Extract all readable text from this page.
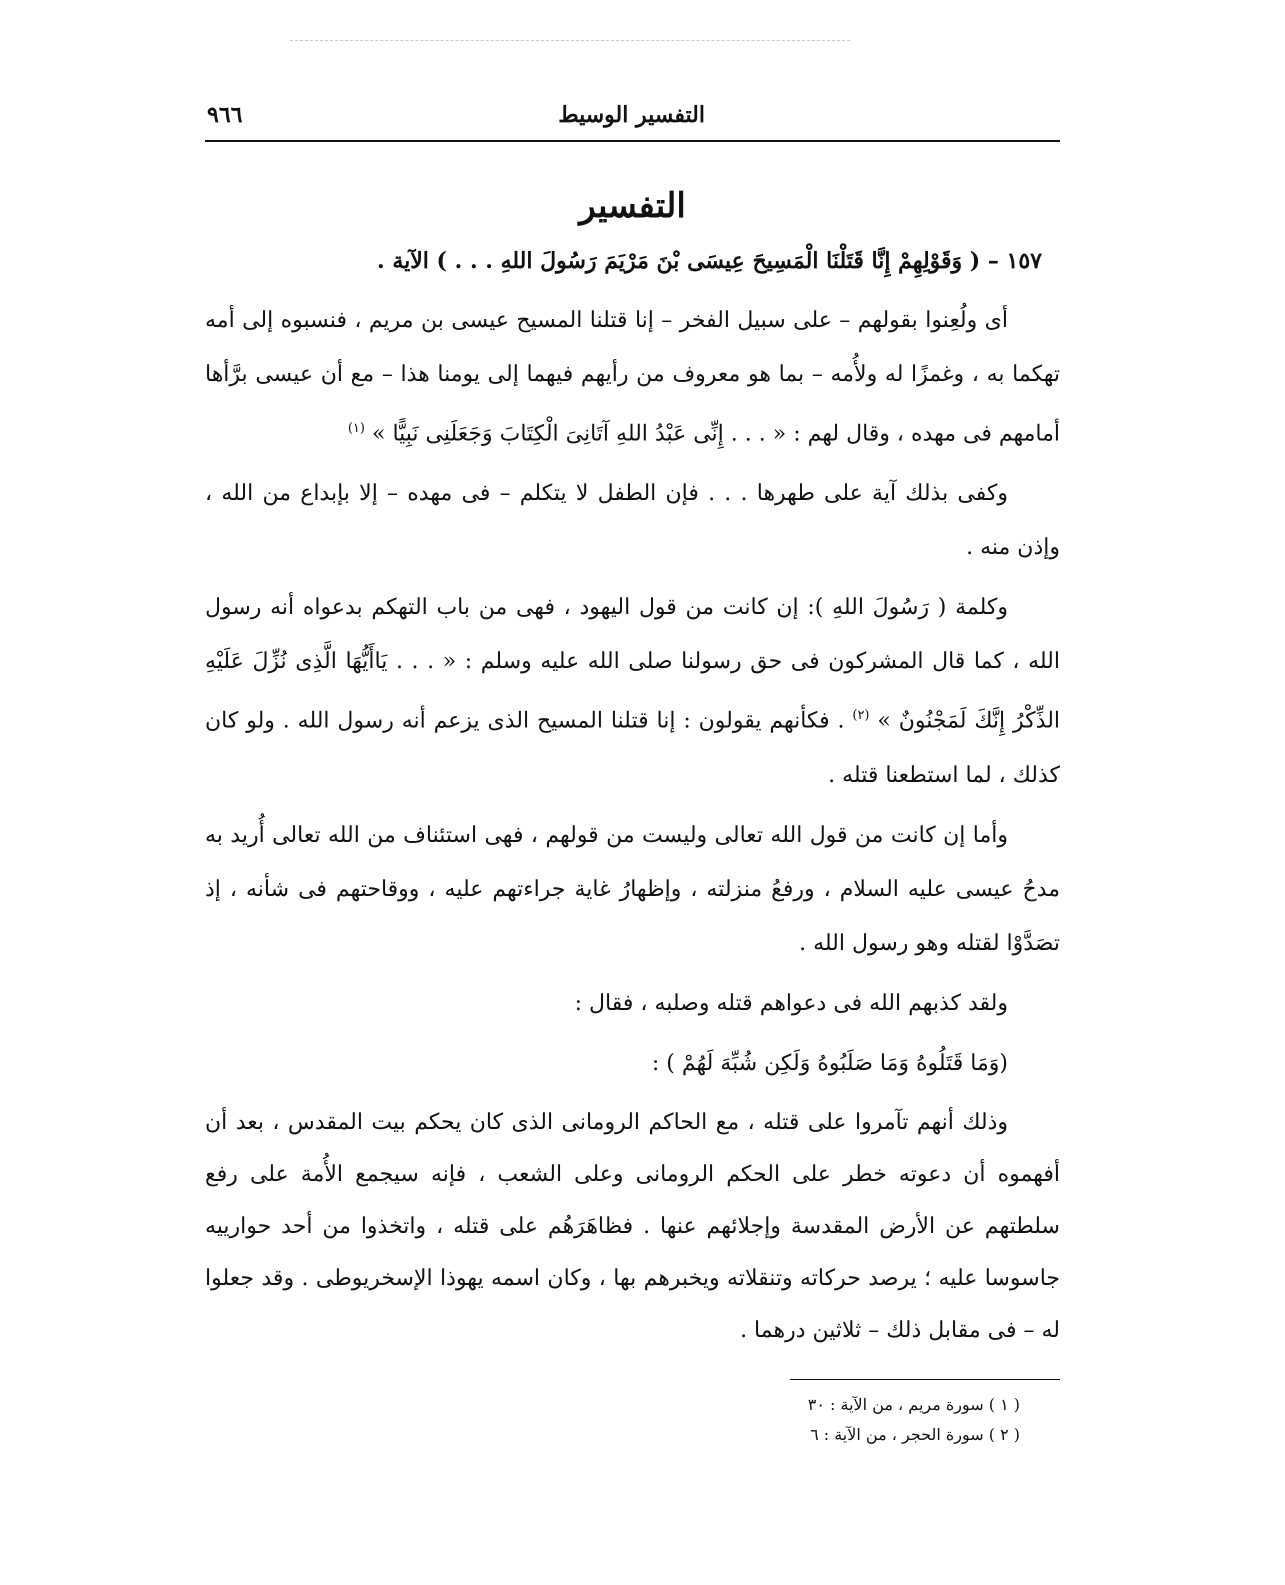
التفسير الوسيط
٩٦٦
التفسير
١٥٧ – ( وَقَوْلِهِمْ إِنَّا قَتَلْنَا الْمَسِيحَ عِيسَى بْنَ مَرْيَمَ رَسُولَ اللهِ . . . ) الآية .

أى ولُعِنوا بقولهم – على سبيل الفخر – إنا قتلنا المسيح عيسى بن مريم ، فنسبوه إلى أمه تهكما به ، وغمزًا له ولأُمه – بما هو معروف من رأيهم فيهما إلى يومنا هذا – مع أن عيسى برَّأها أمامهم فى مهده ، وقال لهم : « . . . إِنِّى عَبْدُ اللهِ آتَانِىَ الْكِتَابَ وَجَعَلَنِى نَبِيًّا » $^{(١)}$

وكفى بذلك آية على طهرها . . . فإن الطفل لا يتكلم – فى مهده – إلا بإبداع من الله ، وإذن منه .

وكلمة ( رَسُولَ اللهِ ): إن كانت من قول اليهود ، فهى من باب التهكم بدعواه أنه رسول الله ، كما قال المشركون فى حق رسولنا صلى الله عليه وسلم : « . . . يَاأَيُّهَا الَّذِى نُزِّلَ عَلَيْهِ الذِّكْرُ إِنَّكَ لَمَجْنُونٌ » $^{(٢)}$ . فكأنهم يقولون : إنا قتلنا المسيح الذى يزعم أنه رسول الله . ولو كان كذلك ، لما استطعنا قتله .

وأما إن كانت من قول الله تعالى وليست من قولهم ، فهى استئناف من الله تعالى أُريد به مدحُ عيسى عليه السلام ، ورفعُ منزلته ، وإظهارُ غاية جراءتهم عليه ، ووقاحتهم فى شأنه ، إذ تصَدَّوْا لقتله وهو رسول الله .

ولقد كذبهم الله فى دعواهم قتله وصلبه ، فقال :

(وَمَا قَتَلُوهُ وَمَا صَلَبُوهُ وَلَكِن شُبِّهَ لَهُمْ ) :

وذلك أنهم تآمروا على قتله ، مع الحاكم الرومانى الذى كان يحكم بيت المقدس ، بعد أن أفهموه أن دعوته خطر على الحكم الرومانى وعلى الشعب ، فإنه سيجمع الأُمة على رفع سلطتهم عن الأرض المقدسة وإجلائهم عنها . فظاهَرَهُم على قتله ، واتخذوا من أحد حوارييه جاسوسا عليه ؛ يرصد حركاته وتنقلاته ويخبرهم بها ، وكان اسمه يهوذا الإسخريوطى . وقد جعلوا له – فى مقابل ذلك – ثلاثين درهما .

( ١ ) سورة مريم ، من الآية : ٣٠

( ٢ ) سورة الحجر ، من الآية : ٦
